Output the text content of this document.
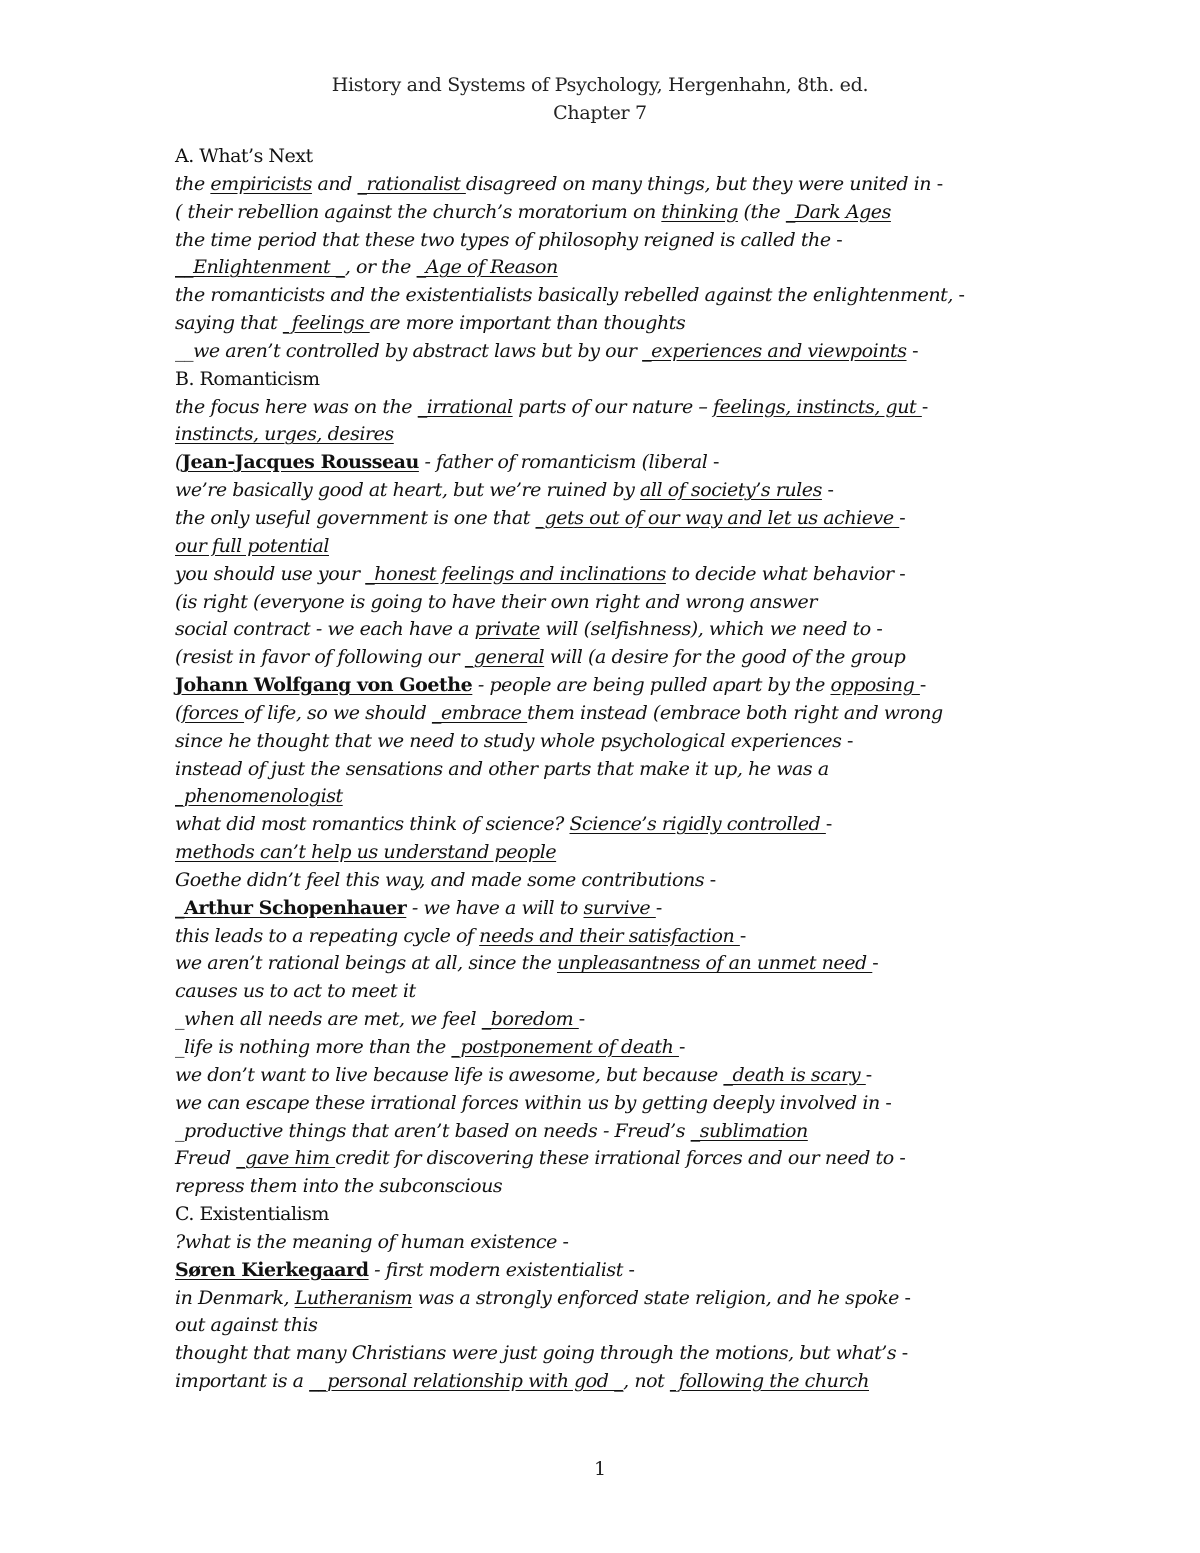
History and Systems of Psychology, Hergenhahn, 8th. ed.
Chapter 7
A. What’s Next
the empiricists and _rationalist disagreed on many things, but they were united in -
( their rebellion against the church’s moratorium on thinking (the _Dark Ages
the time period that these two types of philosophy reigned is called the -
__Enlightenment _, or the _Age of Reason
the romanticists and the existentialists basically rebelled against the enlightenment, -
saying that _feelings are more important than thoughts
__we aren’t controlled by abstract laws but by our _experiences and viewpoints -
B. Romanticism
the focus here was on the _irrational parts of our nature – feelings, instincts, gut -
instincts, urges, desires
(Jean-Jacques Rousseau - father of romanticism (liberal -
we’re basically good at heart, but we’re ruined by all of society’s rules -
the only useful government is one that _gets out of our way and let us achieve -
our full potential
you should use your _honest feelings and inclinations to decide what behavior -
(is right (everyone is going to have their own right and wrong answer
social contract - we each have a private will (selfishness), which we need to -
(resist in favor of following our _general will (a desire for the good of the group
Johann Wolfgang von Goethe - people are being pulled apart by the opposing -
(forces of life, so we should _embrace them instead (embrace both right and wrong
since he thought that we need to study whole psychological experiences -
instead of just the sensations and other parts that make it up, he was a
_phenomenologist
what did most romantics think of science? Science’s rigidly controlled -
methods can’t help us understand people
Goethe didn’t feel this way, and made some contributions -
_Arthur Schopenhauer - we have a will to survive -
this leads to a repeating cycle of needs and their satisfaction -
we aren’t rational beings at all, since the unpleasantness of an unmet need -
causes us to act to meet it
_when all needs are met, we feel _boredom -
_life is nothing more than the _postponement of death -
we don’t want to live because life is awesome, but because _death is scary -
we can escape these irrational forces within us by getting deeply involved in -
_productive things that aren’t based on needs - Freud’s _sublimation
Freud _gave him credit for discovering these irrational forces and our need to -
repress them into the subconscious
C. Existentialism
?what is the meaning of human existence -
Søren Kierkegaard - first modern existentialist -
in Denmark, Lutheranism was a strongly enforced state religion, and he spoke -
out against this
thought that many Christians were just going through the motions, but what’s -
important is a __personal relationship with god _, not _following the church
1
